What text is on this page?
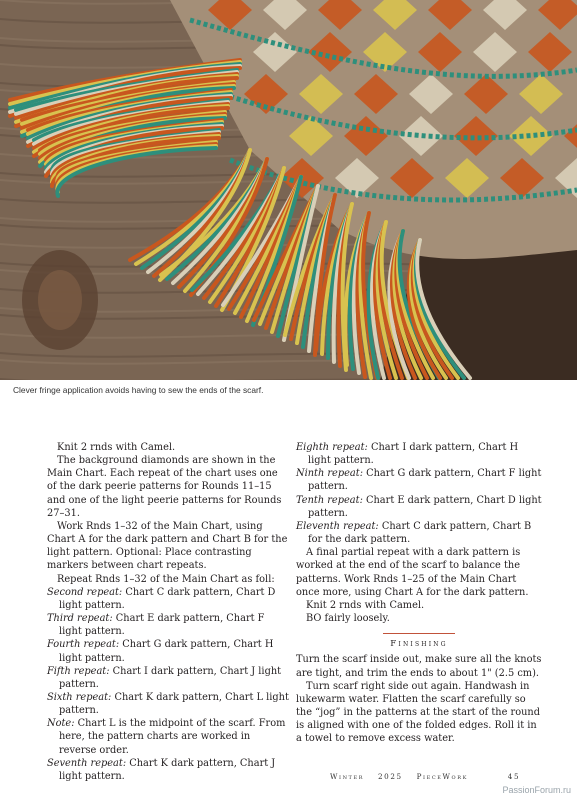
Clever fringe application avoids having to sew the ends of the scarf.

Knit 2 rnds with Camel.

The background diamonds are shown in the Main Chart. Each repeat of the chart uses one of the dark peerie patterns for Rounds 11–15 and one of the light peerie patterns for Rounds 27–31.

Work Rnds 1–32 of the Main Chart, using Chart A for the dark pattern and Chart B for the light pattern. Optional: Place contrasting markers between chart repeats.

Repeat Rnds 1–32 of the Main Chart as foll:

Second repeat: Chart C dark pattern, Chart D light pattern.

Third repeat: Chart E dark pattern, Chart F light pattern.

Fourth repeat: Chart G dark pattern, Chart H light pattern.

Fifth repeat: Chart I dark pattern, Chart J light pattern.

Sixth repeat: Chart K dark pattern, Chart L light pattern.

Note: Chart L is the midpoint of the scarf. From here, the pattern charts are worked in reverse order.

Seventh repeat: Chart K dark pattern, Chart J light pattern.

Eighth repeat: Chart I dark pattern, Chart H light pattern.

Ninth repeat: Chart G dark pattern, Chart F light pattern.

Tenth repeat: Chart E dark pattern, Chart D light pattern.

Eleventh repeat: Chart C dark pattern, Chart B for the dark pattern.

A final partial repeat with a dark pattern is worked at the end of the scarf to balance the patterns. Work Rnds 1–25 of the Main Chart once more, using Chart A for the dark pattern.

Knit 2 rnds with Camel.

BO fairly loosely.

Finishing

Turn the scarf inside out, make sure all the knots are tight, and trim the ends to about 1" (2.5 cm).

Turn scarf right side out again. Handwash in lukewarm water. Flatten the scarf carefully so the “jog” in the patterns at the start of the round is aligned with one of the folded edges. Roll it in a towel to remove excess water.

Winter 2025 PieceWork	45
PassionForum.ru
